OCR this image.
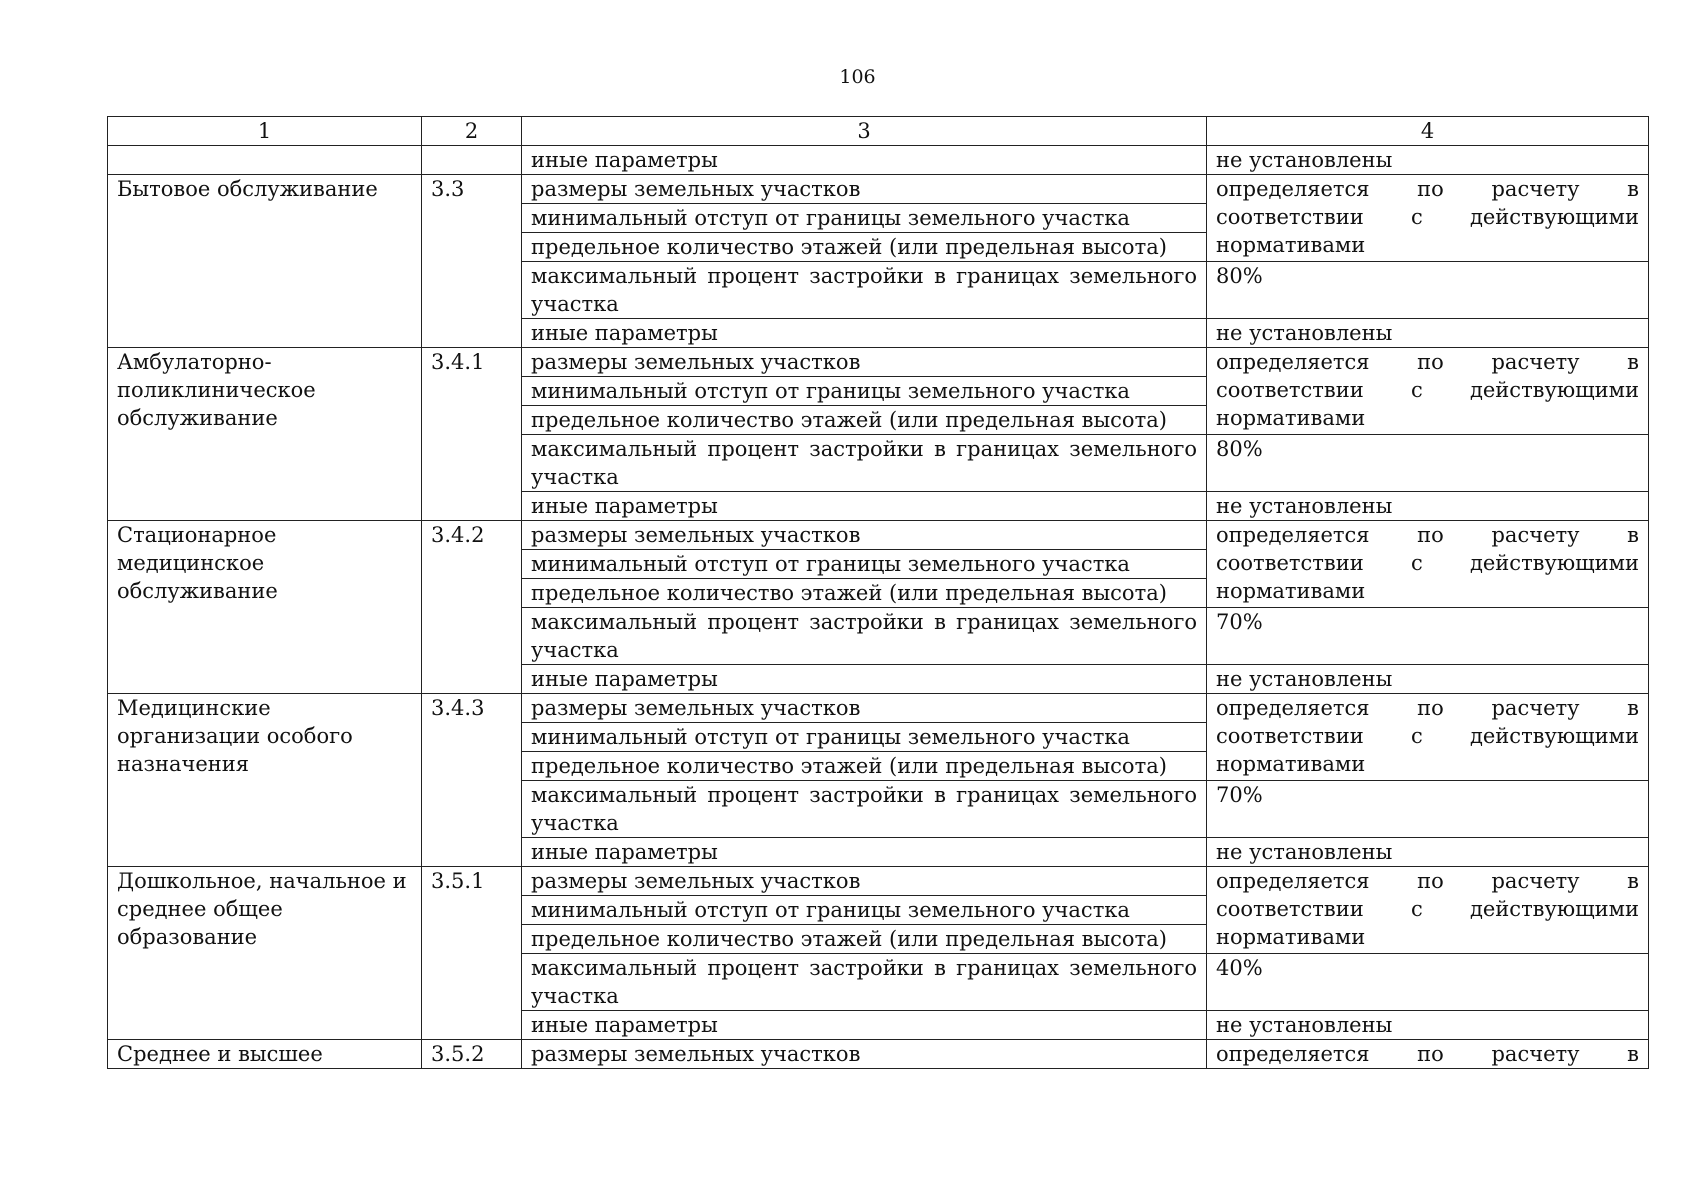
106
1	2	3	4
		иные параметры	не установлены
Бытовое обслуживание	3.3	размеры земельных участков	определяется по расчету в
соответствии с действующими
нормативами

		минимальный отступ от границы земельного участка	
		предельное количество этажей (или предельная высота)	

		максимальный процент застройки в границах земельного участка	80%
		иные параметры	не установлены
Амбулаторно-поликлиническое обслуживание	3.4.1	размеры земельных участков	определяется по расчету в
соответствии с действующими
нормативами

		минимальный отступ от границы земельного участка	
		предельное количество этажей (или предельная высота)	

		максимальный процент застройки в границах земельного участка	80%
		иные параметры	не установлены
Стационарное медицинское обслуживание	3.4.2	размеры земельных участков	определяется по расчету в
соответствии с действующими
нормативами

		минимальный отступ от границы земельного участка	
		предельное количество этажей (или предельная высота)	

		максимальный процент застройки в границах земельного участка	70%
		иные параметры	не установлены
Медицинские организации особого назначения	3.4.3	размеры земельных участков	определяется по расчету в
соответствии с действующими
нормативами

		минимальный отступ от границы земельного участка	
		предельное количество этажей (или предельная высота)	

		максимальный процент застройки в границах земельного участка	70%
		иные параметры	не установлены
Дошкольное, начальное и среднее общее образование	3.5.1	размеры земельных участков	определяется по расчету в
соответствии с действующими
нормативами

		минимальный отступ от границы земельного участка	
		предельное количество этажей (или предельная высота)	

		максимальный процент застройки в границах земельного участка	40%
		иные параметры	не установлены
Среднее и высшее	3.5.2	размеры земельных участков	определяется по расчету в
